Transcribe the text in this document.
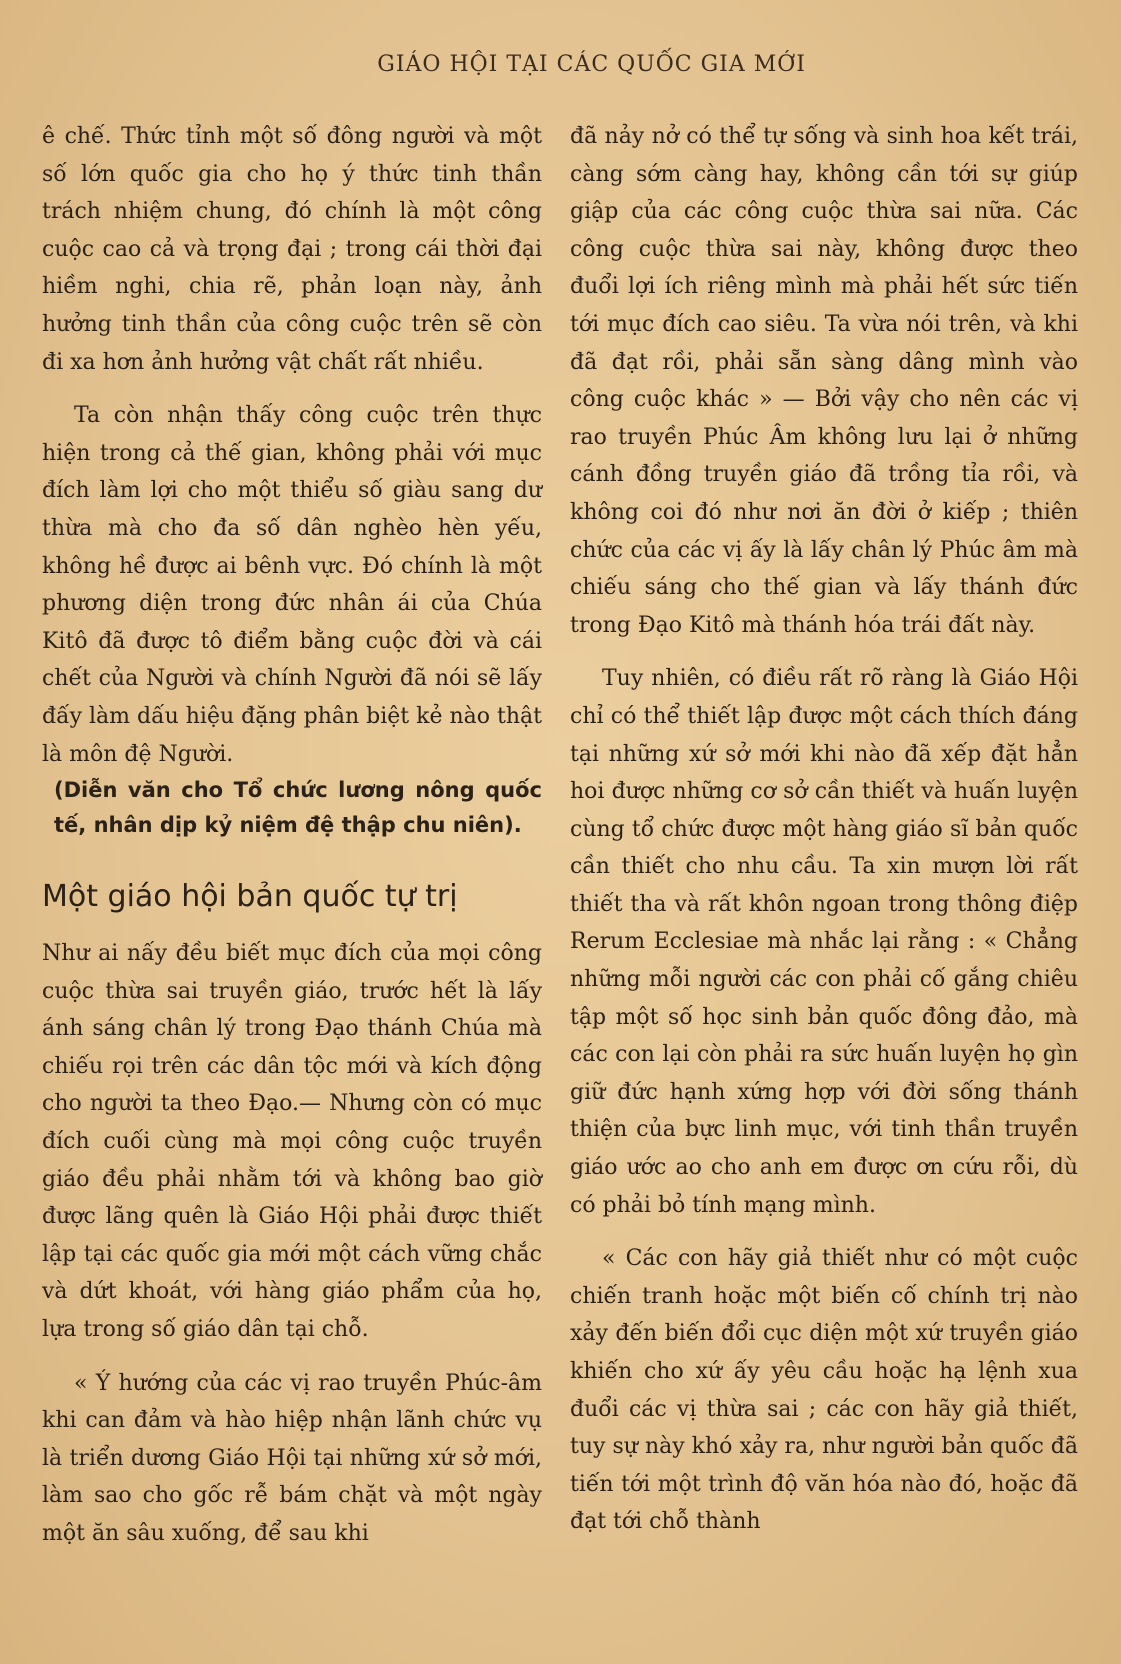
GIÁO HỘI TẠI CÁC QUỐC GIA MỚI

ê chế. Thức tỉnh một số đông người và một số lớn quốc gia cho họ ý thức tinh thần trách nhiệm chung, đó chính là một công cuộc cao cả và trọng đại ; trong cái thời đại hiềm nghi, chia rẽ, phản loạn này, ảnh hưởng tinh thần của công cuộc trên sẽ còn đi xa hơn ảnh hưởng vật chất rất nhiều.

Ta còn nhận thấy công cuộc trên thực hiện trong cả thế gian, không phải với mục đích làm lợi cho một thiểu số giàu sang dư thừa mà cho đa số dân nghèo hèn yếu, không hề được ai bênh vực. Đó chính là một phương diện trong đức nhân ái của Chúa Kitô đã được tô điểm bằng cuộc đời và cái chết của Người và chính Người đã nói sẽ lấy đấy làm dấu hiệu đặng phân biệt kẻ nào thật là môn đệ Người.

(Diễn văn cho Tổ chức lương nông quốc tế, nhân dịp kỷ niệm đệ thập chu niên).

Một giáo hội bản quốc tự trị

Như ai nấy đều biết mục đích của mọi công cuộc thừa sai truyền giáo, trước hết là lấy ánh sáng chân lý trong Đạo thánh Chúa mà chiếu rọi trên các dân tộc mới và kích động cho người ta theo Đạo.— Nhưng còn có mục đích cuối cùng mà mọi công cuộc truyền giáo đều phải nhằm tới và không bao giờ được lãng quên là Giáo Hội phải được thiết lập tại các quốc gia mới một cách vững chắc và dứt khoát, với hàng giáo phẩm của họ, lựa trong số giáo dân tại chỗ.

« Ý hướng của các vị rao truyền Phúc-âm khi can đảm và hào hiệp nhận lãnh chức vụ là triển dương Giáo Hội tại những xứ sở mới, làm sao cho gốc rễ bám chặt và một ngày một ăn sâu xuống, để sau khi

đã nảy nở có thể tự sống và sinh hoa kết trái, càng sớm càng hay, không cần tới sự giúp giập của các công cuộc thừa sai nữa. Các công cuộc thừa sai này, không được theo đuổi lợi ích riêng mình mà phải hết sức tiến tới mục đích cao siêu. Ta vừa nói trên, và khi đã đạt rồi, phải sẵn sàng dâng mình vào công cuộc khác » — Bởi vậy cho nên các vị rao truyền Phúc Âm không lưu lại ở những cánh đồng truyền giáo đã trồng tỉa rồi, và không coi đó như nơi ăn đời ở kiếp ; thiên chức của các vị ấy là lấy chân lý Phúc âm mà chiếu sáng cho thế gian và lấy thánh đức trong Đạo Kitô mà thánh hóa trái đất này.

Tuy nhiên, có điều rất rõ ràng là Giáo Hội chỉ có thể thiết lập được một cách thích đáng tại những xứ sở mới khi nào đã xếp đặt hẳn hoi được những cơ sở cần thiết và huấn luyện cùng tổ chức được một hàng giáo sĩ bản quốc cần thiết cho nhu cầu. Ta xin mượn lời rất thiết tha và rất khôn ngoan trong thông điệp Rerum Ecclesiae mà nhắc lại rằng : « Chẳng những mỗi người các con phải cố gắng chiêu tập một số học sinh bản quốc đông đảo, mà các con lại còn phải ra sức huấn luyện họ gìn giữ đức hạnh xứng hợp với đời sống thánh thiện của bực linh mục, với tinh thần truyền giáo ước ao cho anh em được ơn cứu rỗi, dù có phải bỏ tính mạng mình.

« Các con hãy giả thiết như có một cuộc chiến tranh hoặc một biến cố chính trị nào xảy đến biến đổi cục diện một xứ truyền giáo khiến cho xứ ấy yêu cầu hoặc hạ lệnh xua đuổi các vị thừa sai ; các con hãy giả thiết, tuy sự này khó xảy ra, như người bản quốc đã tiến tới một trình độ văn hóa nào đó, hoặc đã đạt tới chỗ thành
